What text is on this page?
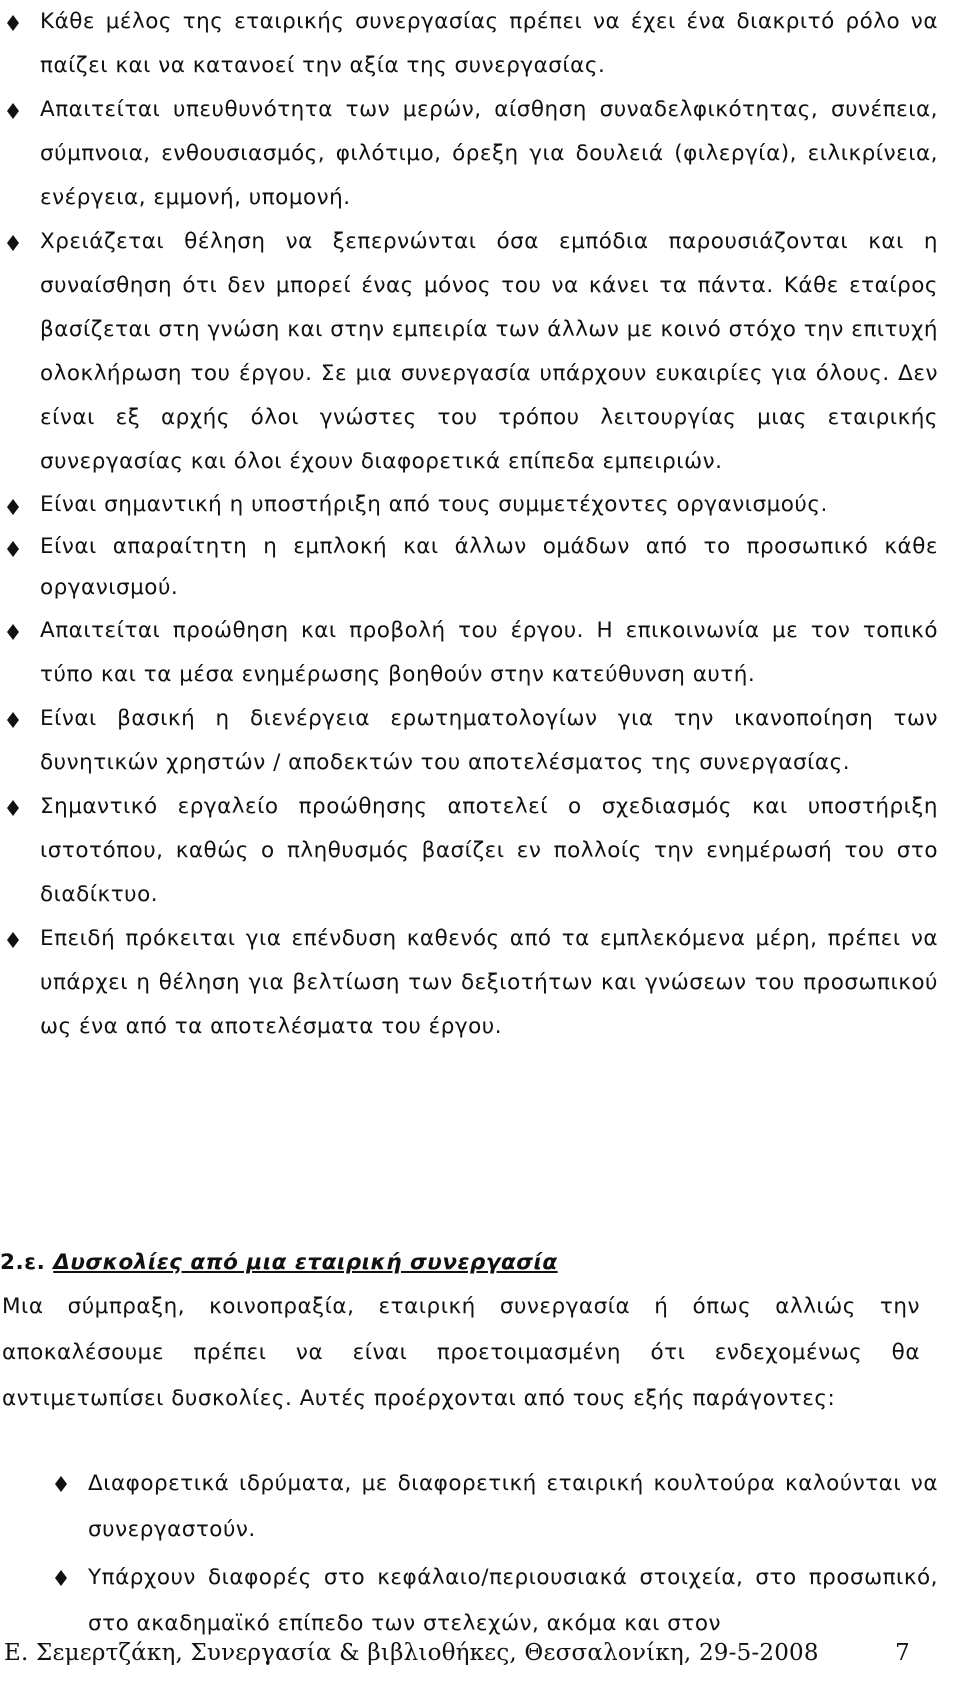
Κάθε μέλος της εταιρικής συνεργασίας πρέπει να έχει ένα διακριτό ρόλο να παίζει και να κατανοεί την αξία της συνεργασίας.
Απαιτείται υπευθυνότητα των μερών, αίσθηση συναδελφικότητας, συνέπεια, σύμπνοια, ενθουσιασμός, φιλότιμο, όρεξη για δουλειά (φιλεργία), ειλικρίνεια, ενέργεια, εμμονή, υπομονή.
Χρειάζεται θέληση να ξεπερνώνται όσα εμπόδια παρουσιάζονται και η συναίσθηση ότι δεν μπορεί ένας μόνος του να κάνει τα πάντα. Κάθε εταίρος βασίζεται στη γνώση και στην εμπειρία των άλλων με κοινό στόχο την επιτυχή ολοκλήρωση του έργου. Σε μια συνεργασία υπάρχουν ευκαιρίες για όλους. Δεν είναι εξ αρχής όλοι γνώστες του τρόπου λειτουργίας μιας εταιρικής συνεργασίας και όλοι έχουν διαφορετικά επίπεδα εμπειριών.
Είναι σημαντική η υποστήριξη από τους συμμετέχοντες οργανισμούς.
Είναι απαραίτητη η εμπλοκή και άλλων ομάδων από το προσωπικό κάθε οργανισμού.
Απαιτείται προώθηση και προβολή του έργου. Η επικοινωνία με τον τοπικό τύπο και τα μέσα ενημέρωσης βοηθούν στην κατεύθυνση αυτή.
Είναι βασική η διενέργεια ερωτηματολογίων για την ικανοποίηση των δυνητικών χρηστών / αποδεκτών του αποτελέσματος της συνεργασίας.
Σημαντικό εργαλείο προώθησης αποτελεί ο σχεδιασμός και υποστήριξη ιστοτόπου, καθώς ο πληθυσμός βασίζει εν πολλοίς την ενημέρωσή του στο διαδίκτυο.
Επειδή πρόκειται για επένδυση καθενός από τα εμπλεκόμενα μέρη, πρέπει να υπάρχει η θέληση για βελτίωση των δεξιοτήτων και γνώσεων του προσωπικού ως ένα από τα αποτελέσματα του έργου.
2.ε. Δυσκολίες από μια εταιρική συνεργασία
Μια σύμπραξη, κοινοπραξία, εταιρική συνεργασία ή όπως αλλιώς την αποκαλέσουμε πρέπει να είναι προετοιμασμένη ότι ενδεχομένως θα αντιμετωπίσει δυσκολίες. Αυτές προέρχονται από τους εξής παράγοντες:
Διαφορετικά ιδρύματα, με διαφορετική εταιρική κουλτούρα καλούνται να συνεργαστούν.
Υπάρχουν διαφορές στο κεφάλαιο/περιουσιακά στοιχεία, στο προσωπικό, στο ακαδημαϊκό επίπεδο των στελεχών, ακόμα και στον
Ε. Σεμερτζάκη, Συνεργασία & βιβλιοθήκες, Θεσσαλονίκη, 29-5-2008	7
